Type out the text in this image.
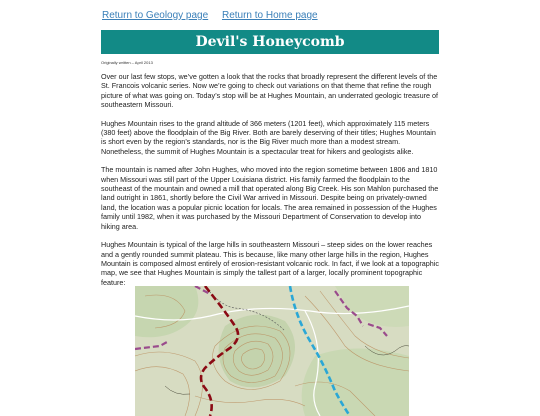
Return to Geology page Return to Home page
Devil's Honeycomb
Originally written – April 2013

Over our last few stops, we’ve gotten a look that the rocks that broadly represent the different levels of the St. Francois volcanic series. Now we’re going to check out variations on that theme that refine the rough picture of what was going on. Today’s stop will be at Hughes Mountain, an underrated geologic treasure of southeastern Missouri.

Hughes Mountain rises to the grand altitude of 366 meters (1201 feet), which approximately 115 meters (380 feet) above the floodplain of the Big River. Both are barely deserving of their titles; Hughes Mountain is short even by the region’s standards, nor is the Big River much more than a modest stream. Nonetheless, the summit of Hughes Mountain is a spectacular treat for hikers and geologists alike.

The mountain is named after John Hughes, who moved into the region sometime between 1806 and 1810 when Missouri was still part of the Upper Louisiana district. His family farmed the floodplain to the southeast of the mountain and owned a mill that operated along Big Creek. His son Mahlon purchased the land outright in 1861, shortly before the Civil War arrived in Missouri. Despite being on privately-owned land, the location was a popular picnic location for locals. The area remained in possession of the Hughes family until 1982, when it was purchased by the Missouri Department of Conservation to develop into hiking area.

Hughes Mountain is typical of the large hills in southeastern Missouri – steep sides on the lower reaches and a gently rounded summit plateau. This is because, like many other large hills in the region, Hughes Mountain is composed almost entirely of erosion-resistant volcanic rock. In fact, if we look at a topographic map, we see that Hughes Mountain is simply the tallest part of a larger, locally prominent topographic feature:
